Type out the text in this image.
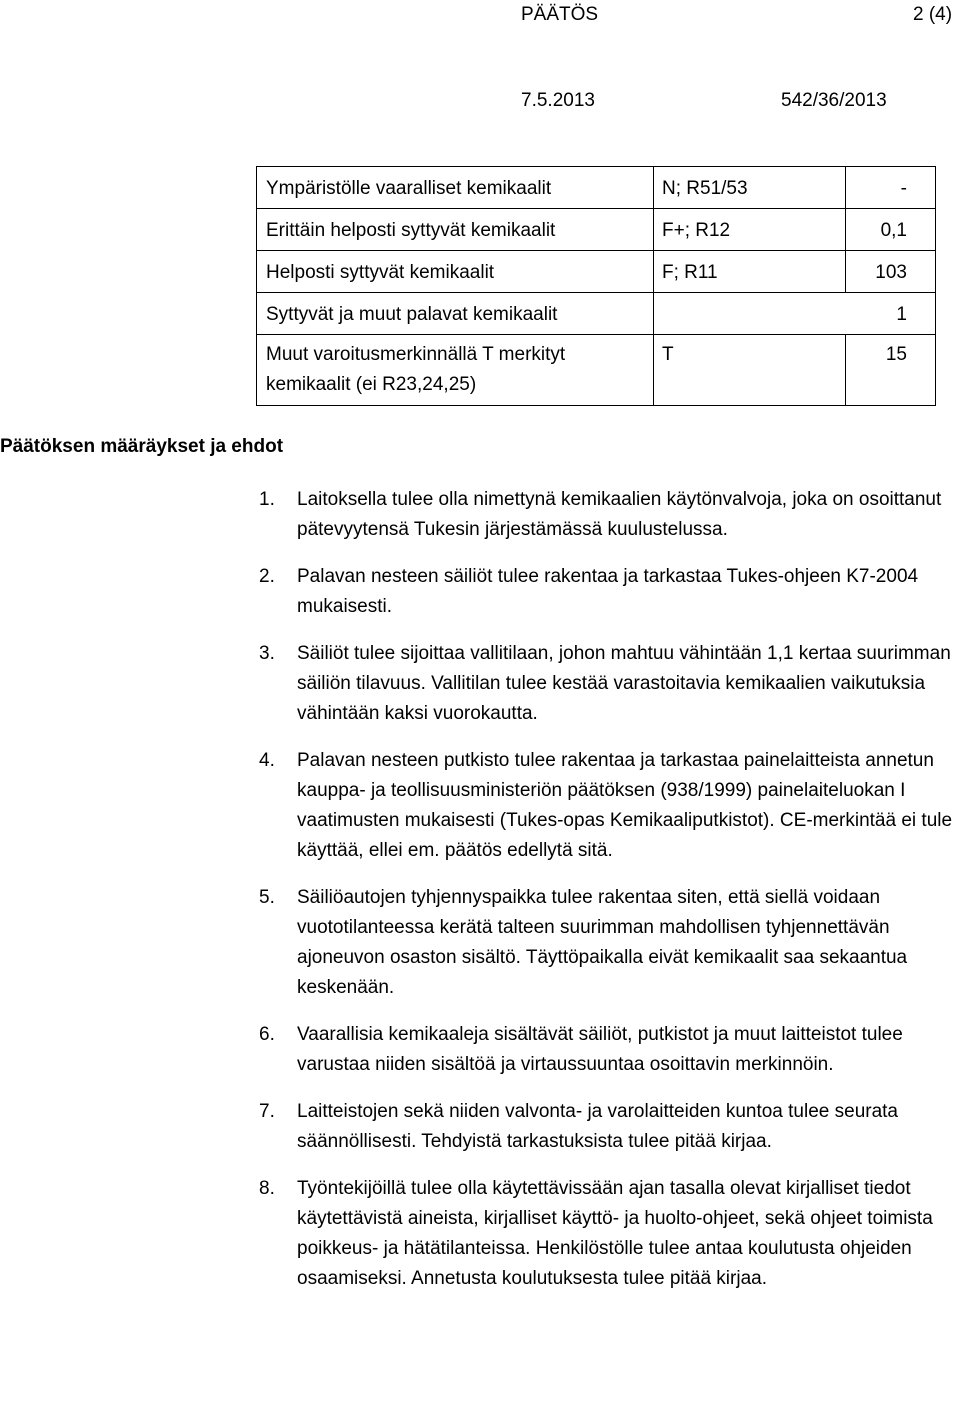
PÄÄTÖS	2 (4)
7.5.2013	542/36/2013
Ympäristölle vaaralliset kemikaalit	N; R51/53	-
Erittäin helposti syttyvät kemikaalit	F+; R12	0,1
Helposti syttyvät kemikaalit	F; R11	103
Syttyvät ja muut palavat kemikaalit		1
Muut varoitusmerkinnällä T merkityt kemikaalit (ei R23,24,25)	T	15
Päätöksen määräykset ja ehdot
1. Laitoksella tulee olla nimettynä kemikaalien käytönvalvoja, joka on osoittanut pätevyytensä Tukesin järjestämässä kuulustelussa.
2. Palavan nesteen säiliöt tulee rakentaa ja tarkastaa Tukes-ohjeen K7-2004 mukaisesti.
3. Säiliöt tulee sijoittaa vallitilaan, johon mahtuu vähintään 1,1 kertaa suurimman säiliön tilavuus. Vallitilan tulee kestää varastoitavia kemikaalien vaikutuksia vähintään kaksi vuorokautta.
4. Palavan nesteen putkisto tulee rakentaa ja tarkastaa painelaitteista annetun kauppa- ja teollisuusministeriön päätöksen (938/1999) painelaiteluokan I vaatimusten mukaisesti (Tukes-opas Kemikaaliputkistot). CE-merkintää ei tule käyttää, ellei em. päätös edellytä sitä.
5. Säiliöautojen tyhjennyspaikka tulee rakentaa siten, että siellä voidaan vuototilanteessa kerätä talteen suurimman mahdollisen tyhjennettävän ajoneuvon osaston sisältö. Täyttöpaikalla eivät kemikaalit saa sekaantua keskenään.
6. Vaarallisia kemikaaleja sisältävät säiliöt, putkistot ja muut laitteistot tulee varustaa niiden sisältöä ja virtaussuuntaa osoittavin merkinnöin.
7. Laitteistojen sekä niiden valvonta- ja varolaitteiden kuntoa tulee seurata säännöllisesti. Tehdyistä tarkastuksista tulee pitää kirjaa.
8. Työntekijöillä tulee olla käytettävissään ajan tasalla olevat kirjalliset tiedot käytettävistä aineista, kirjalliset käyttö- ja huolto-ohjeet, sekä ohjeet toimista poikkeus- ja hätätilanteissa. Henkilöstölle tulee antaa koulutusta ohjeiden osaamiseksi. Annetusta koulutuksesta tulee pitää kirjaa.
